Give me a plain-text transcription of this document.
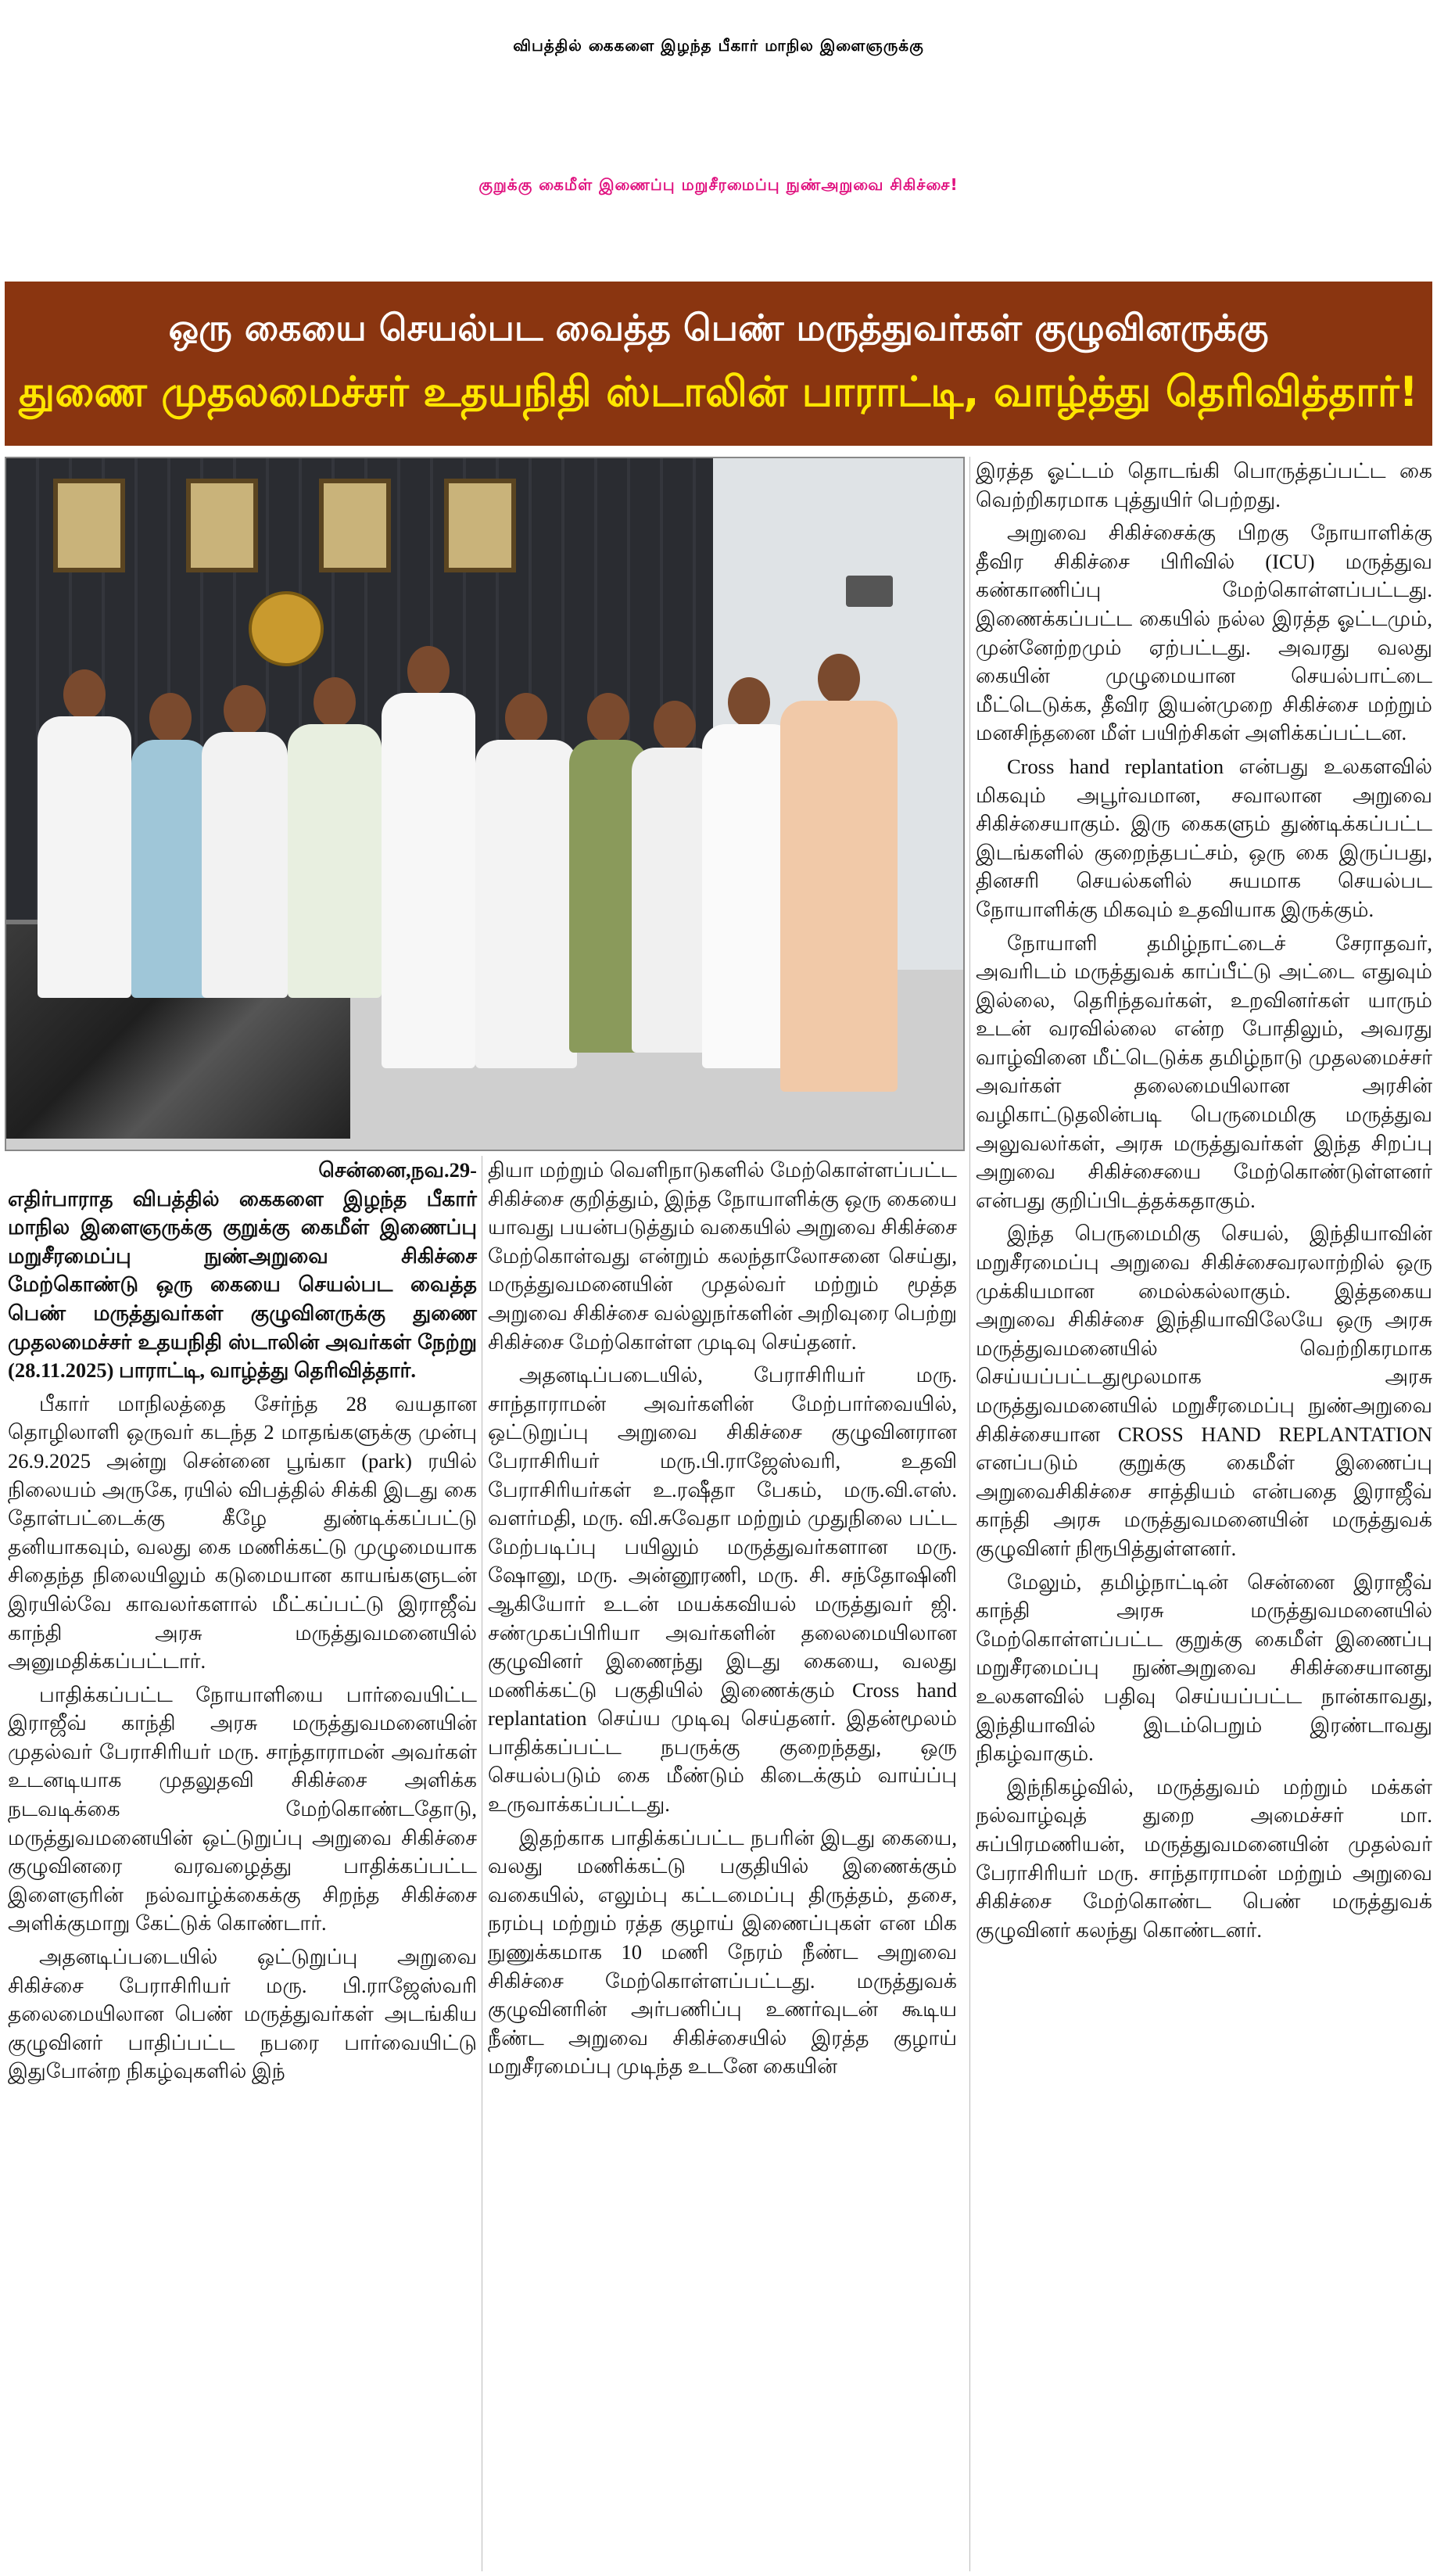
விபத்தில் கைகளை இழந்த பீகார் மாநில இளைஞருக்கு
குறுக்கு கைமீள் இணைப்பு மறுசீரமைப்பு நுண்அறுவை சிகிச்சை!
ஒரு கையை செயல்பட வைத்த பெண் மருத்துவர்கள் குழுவினருக்கு
துணை முதலமைச்சர் உதயநிதி ஸ்டாலின் பாராட்டி, வாழ்த்து தெரிவித்தார்!

சென்னை,நவ.29-

எதிர்பாராத விபத்தில் கைகளை இழந்த பீகார் மாநில இளைஞருக்கு குறுக்கு கைமீள் இணைப்பு மறுசீரமைப்பு நுண்அறுவை சிகிச்சை மேற்கொண்டு ஒரு கையை செயல்பட வைத்த பெண் மருத்துவர்கள் குழுவினருக்கு துணை முதலமைச்சர் உதயநிதி ஸ்டாலின் அவர்கள் நேற்று (28.11.2025) பாராட்டி, வாழ்த்து தெரிவித்தார்.

பீகார் மாநிலத்தை சேர்ந்த 28 வயதான தொழிலாளி ஒருவர் கடந்த 2 மாதங்களுக்கு முன்பு 26.9.2025 அன்று சென்னை பூங்கா (park) ரயில் நிலையம் அருகே, ரயில் விபத்தில் சிக்கி இடது கை தோள்பட்டைக்கு கீழே துண்டிக்கப்பட்டு தனியாகவும், வலது கை மணிக்கட்டு முழுமையாக சிதைந்த நிலையிலும் கடுமையான காயங்களுடன் இரயில்வே காவலர்களால் மீட்கப்பட்டு இராஜீவ் காந்தி அரசு மருத்துவமனையில் அனுமதிக்கப்பட்டார்.

பாதிக்கப்பட்ட நோயாளியை பார்வையிட்ட இராஜீவ் காந்தி அரசு மருத்துவமனையின் முதல்வர் பேராசிரியர் மரு. சாந்தாராமன் அவர்கள் உடனடியாக முதலுதவி சிகிச்சை அளிக்க நடவடிக்கை மேற்கொண்டதோடு, மருத்துவமனையின் ஒட்டுறுப்பு அறுவை சிகிச்சை குழுவினரை வரவழைத்து பாதிக்கப்பட்ட இளைஞரின் நல்வாழ்க்கைக்கு சிறந்த சிகிச்சை அளிக்குமாறு கேட்டுக் கொண்டார்.

அதனடிப்படையில் ஒட்டுறுப்பு அறுவை சிகிச்சை பேராசிரியர் மரு. பி.ராஜேஸ்வரி தலைமையிலான பெண் மருத்துவர்கள் அடங்கிய குழுவினர் பாதிப்பட்ட நபரை பார்வையிட்டு இதுபோன்ற நிகழ்வுகளில் இந்

தியா மற்றும் வெளிநாடுகளில் மேற்கொள்ளப்பட்ட சிகிச்சை குறித்தும், இந்த நோயாளிக்கு ஒரு கையை யாவது பயன்படுத்தும் வகையில் அறுவை சிகிச்சை மேற்கொள்வது என்றும் கலந்தாலோசனை செய்து, மருத்துவமனையின் முதல்வர் மற்றும் மூத்த அறுவை சிகிச்சை வல்லுநர்களின் அறிவுரை பெற்று சிகிச்சை மேற்கொள்ள முடிவு செய்தனர்.

அதனடிப்படையில், பேராசிரியர் மரு. சாந்தாராமன் அவர்களின் மேற்பார்வையில், ஒட்டுறுப்பு அறுவை சிகிச்சை குழுவினரான பேராசிரியர் மரு.பி.ராஜேஸ்வரி, உதவி பேராசிரியர்கள் உ.ரஷீதா பேகம், மரு.வி.எஸ். வளர்மதி, மரு. வி.சுவேதா மற்றும் முதுநிலை பட்ட மேற்படிப்பு பயிலும் மருத்துவர்களான மரு. ஷோனு, மரு. அன்னூரணி, மரு. சி. சந்தோஷினி ஆகியோர் உடன் மயக்கவியல் மருத்துவர் ஜி. சண்முகப்பிரியா அவர்களின் தலைமையிலான குழுவினர் இணைந்து இடது கையை, வலது மணிக்கட்டு பகுதியில் இணைக்கும் Cross hand replantation செய்ய முடிவு செய்தனர். இதன்மூலம் பாதிக்கப்பட்ட நபருக்கு குறைந்தது, ஒரு செயல்படும் கை மீண்டும் கிடைக்கும் வாய்ப்பு உருவாக்கப்பட்டது.

இதற்காக பாதிக்கப்பட்ட நபரின் இடது கையை, வலது மணிக்கட்டு பகுதியில் இணைக்கும் வகையில், எலும்பு கட்டமைப்பு திருத்தம், தசை, நரம்பு மற்றும் ரத்த குழாய் இணைப்புகள் என மிக நுணுக்கமாக 10 மணி நேரம் நீண்ட அறுவை சிகிச்சை மேற்கொள்ளப்பட்டது. மருத்துவக் குழுவினரின் அர்பணிப்பு உணர்வுடன் கூடிய நீண்ட அறுவை சிகிச்சையில் இரத்த குழாய் மறுசீரமைப்பு முடிந்த உடனே கையின்

இரத்த ஓட்டம் தொடங்கி பொருத்தப்பட்ட கை வெற்றிகரமாக புத்துயிர் பெற்றது.

அறுவை சிகிச்சைக்கு பிறகு நோயாளிக்கு தீவிர சிகிச்சை பிரிவில் (ICU) மருத்துவ கண்காணிப்பு மேற்கொள்ளப்பட்டது. இணைக்கப்பட்ட கையில் நல்ல இரத்த ஓட்டமும், முன்னேற்றமும் ஏற்பட்டது. அவரது வலது கையின் முழுமையான செயல்பாட்டை மீட்டெடுக்க, தீவிர இயன்முறை சிகிச்சை மற்றும் மனசிந்தனை மீள் பயிற்சிகள் அளிக்கப்பட்டன.

Cross hand replantation என்பது உலகளவில் மிகவும் அபூர்வமான, சவாலான அறுவை சிகிச்சையாகும். இரு கைகளும் துண்டிக்கப்பட்ட இடங்களில் குறைந்தபட்சம், ஒரு கை இருப்பது, தினசரி செயல்களில் சுயமாக செயல்பட நோயாளிக்கு மிகவும் உதவியாக இருக்கும்.

நோயாளி தமிழ்நாட்டைச் சேராதவர், அவரிடம் மருத்துவக் காப்பீட்டு அட்டை எதுவும் இல்லை, தெரிந்தவர்கள், உறவினர்கள் யாரும் உடன் வரவில்லை என்ற போதிலும், அவரது வாழ்வினை மீட்டெடுக்க தமிழ்நாடு முதலமைச்சர் அவர்கள் தலைமையிலான அரசின் வழிகாட்டுதலின்படி பெருமைமிகு மருத்துவ அலுவலர்கள், அரசு மருத்துவர்கள் இந்த சிறப்பு அறுவை சிகிச்சையை மேற்கொண்டுள்ளனர் என்பது குறிப்பிடத்தக்கதாகும்.

இந்த பெருமைமிகு செயல், இந்தியாவின் மறுசீரமைப்பு அறுவை சிகிச்சைவரலாற்றில் ஒரு முக்கியமான மைல்கல்லாகும். இத்தகைய அறுவை சிகிச்சை இந்தியாவிலேயே ஒரு அரசு மருத்துவமனையில் வெற்றிகரமாக செய்யப்பட்டதுமூலமாக அரசு மருத்துவமனையில் மறுசீரமைப்பு நுண்அறுவை சிகிச்சையான CROSS HAND REPLANTATION எனப்படும் குறுக்கு கைமீள் இணைப்பு அறுவைசிகிச்சை சாத்தியம் என்பதை இராஜீவ் காந்தி அரசு மருத்துவமனையின் மருத்துவக் குழுவினர் நிரூபித்துள்ளனர்.

மேலும், தமிழ்நாட்டின் சென்னை இராஜீவ் காந்தி அரசு மருத்துவமனையில் மேற்கொள்ளப்பட்ட குறுக்கு கைமீள் இணைப்பு மறுசீரமைப்பு நுண்அறுவை சிகிச்சையானது உலகளவில் பதிவு செய்யப்பட்ட நான்காவது, இந்தியாவில் இடம்பெறும் இரண்டாவது நிகழ்வாகும்.

இந்நிகழ்வில், மருத்துவம் மற்றும் மக்கள் நல்வாழ்வுத் துறை அமைச்சர் மா. சுப்பிரமணியன், மருத்துவமனையின் முதல்வர் பேராசிரியர் மரு. சாந்தாராமன் மற்றும் அறுவை சிகிச்சை மேற்கொண்ட பெண் மருத்துவக் குழுவினர் கலந்து கொண்டனர்.
